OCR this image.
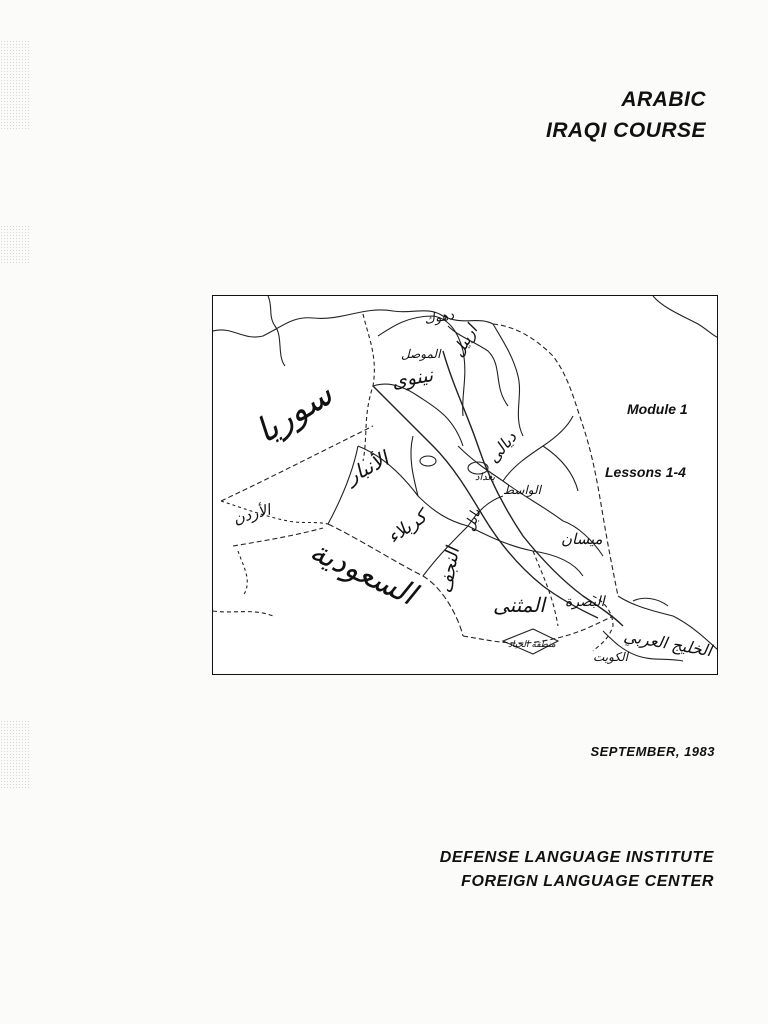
ARABIC
IRAQI COURSE
سوريا
الأردن
السعودية
الأنبار
كربلاء
النجف
المثنى البصرة
الخليج العربي
منطقة الحياد
نينوى
الموصل
دهوك
اربيل
ديالى
بابل
الواسط
ميسان
بغداد
الكويت
Module 1
Lessons 1-4

SEPTEMBER, 1983

DEFENSE LANGUAGE INSTITUTE

FOREIGN LANGUAGE CENTER
